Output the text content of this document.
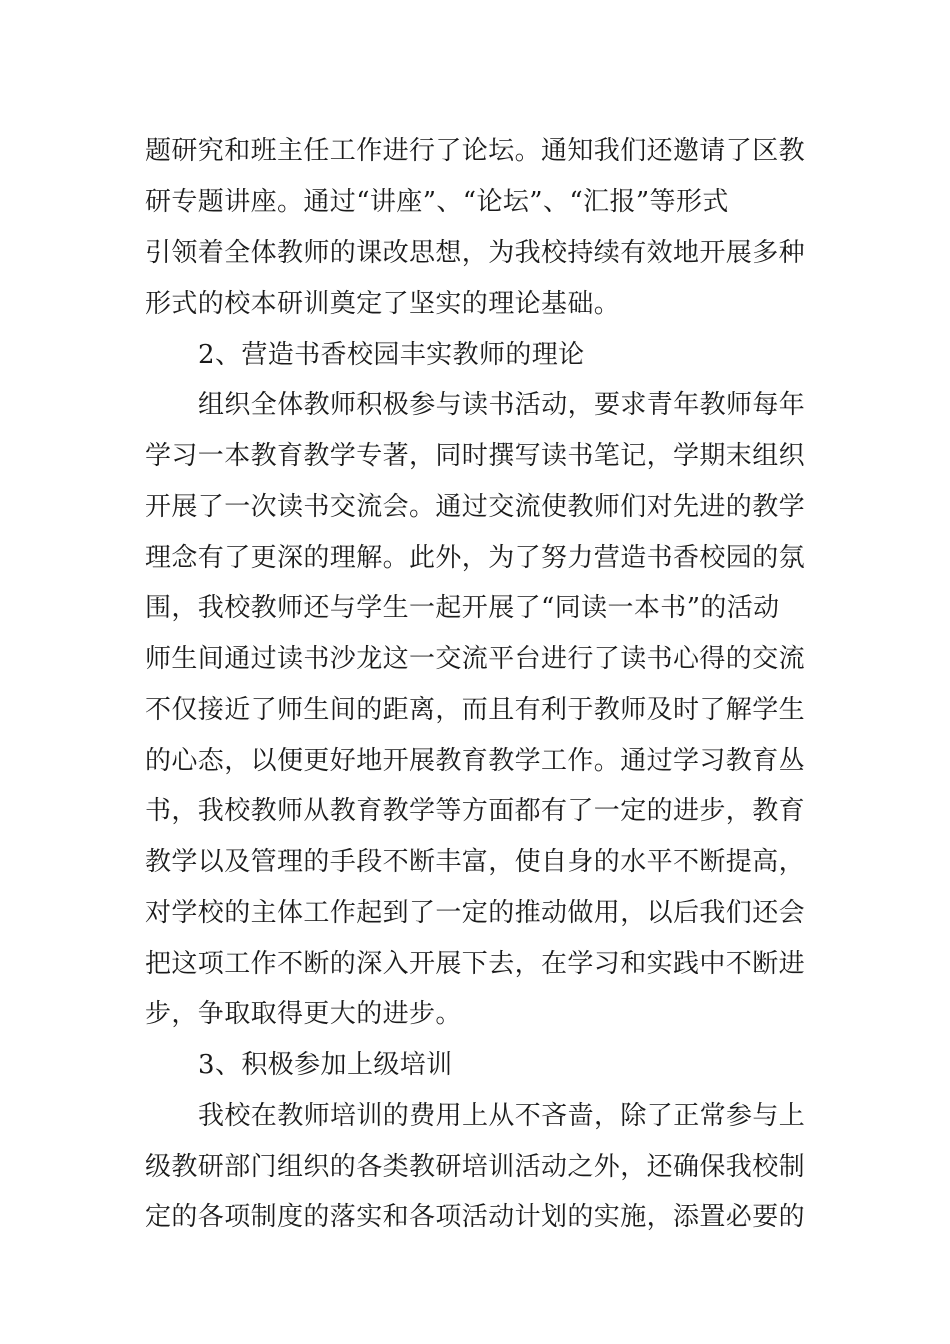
题研究和班主任工作进行了论坛。通知我们还邀请了区教
研专题讲座。通过“讲座”、“论坛”、“汇报”等形式
引领着全体教师的课改思想，为我校持续有效地开展多种
形式的校本研训奠定了坚实的理论基础。
2、营造书香校园丰实教师的理论
组织全体教师积极参与读书活动，要求青年教师每年
学习一本教育教学专著，同时撰写读书笔记，学期末组织
开展了一次读书交流会。通过交流使教师们对先进的教学
理念有了更深的理解。此外，为了努力营造书香校园的氛
围，我校教师还与学生一起开展了“同读一本书”的活动
师生间通过读书沙龙这一交流平台进行了读书心得的交流
不仅接近了师生间的距离，而且有利于教师及时了解学生
的心态，以便更好地开展教育教学工作。通过学习教育丛
书，我校教师从教育教学等方面都有了一定的进步，教育
教学以及管理的手段不断丰富，使自身的水平不断提高，
对学校的主体工作起到了一定的推动做用，以后我们还会
把这项工作不断的深入开展下去，在学习和实践中不断进
步，争取取得更大的进步。
3、积极参加上级培训
我校在教师培训的费用上从不吝啬，除了正常参与上
级教研部门组织的各类教研培训活动之外，还确保我校制
定的各项制度的落实和各项活动计划的实施，添置必要的
